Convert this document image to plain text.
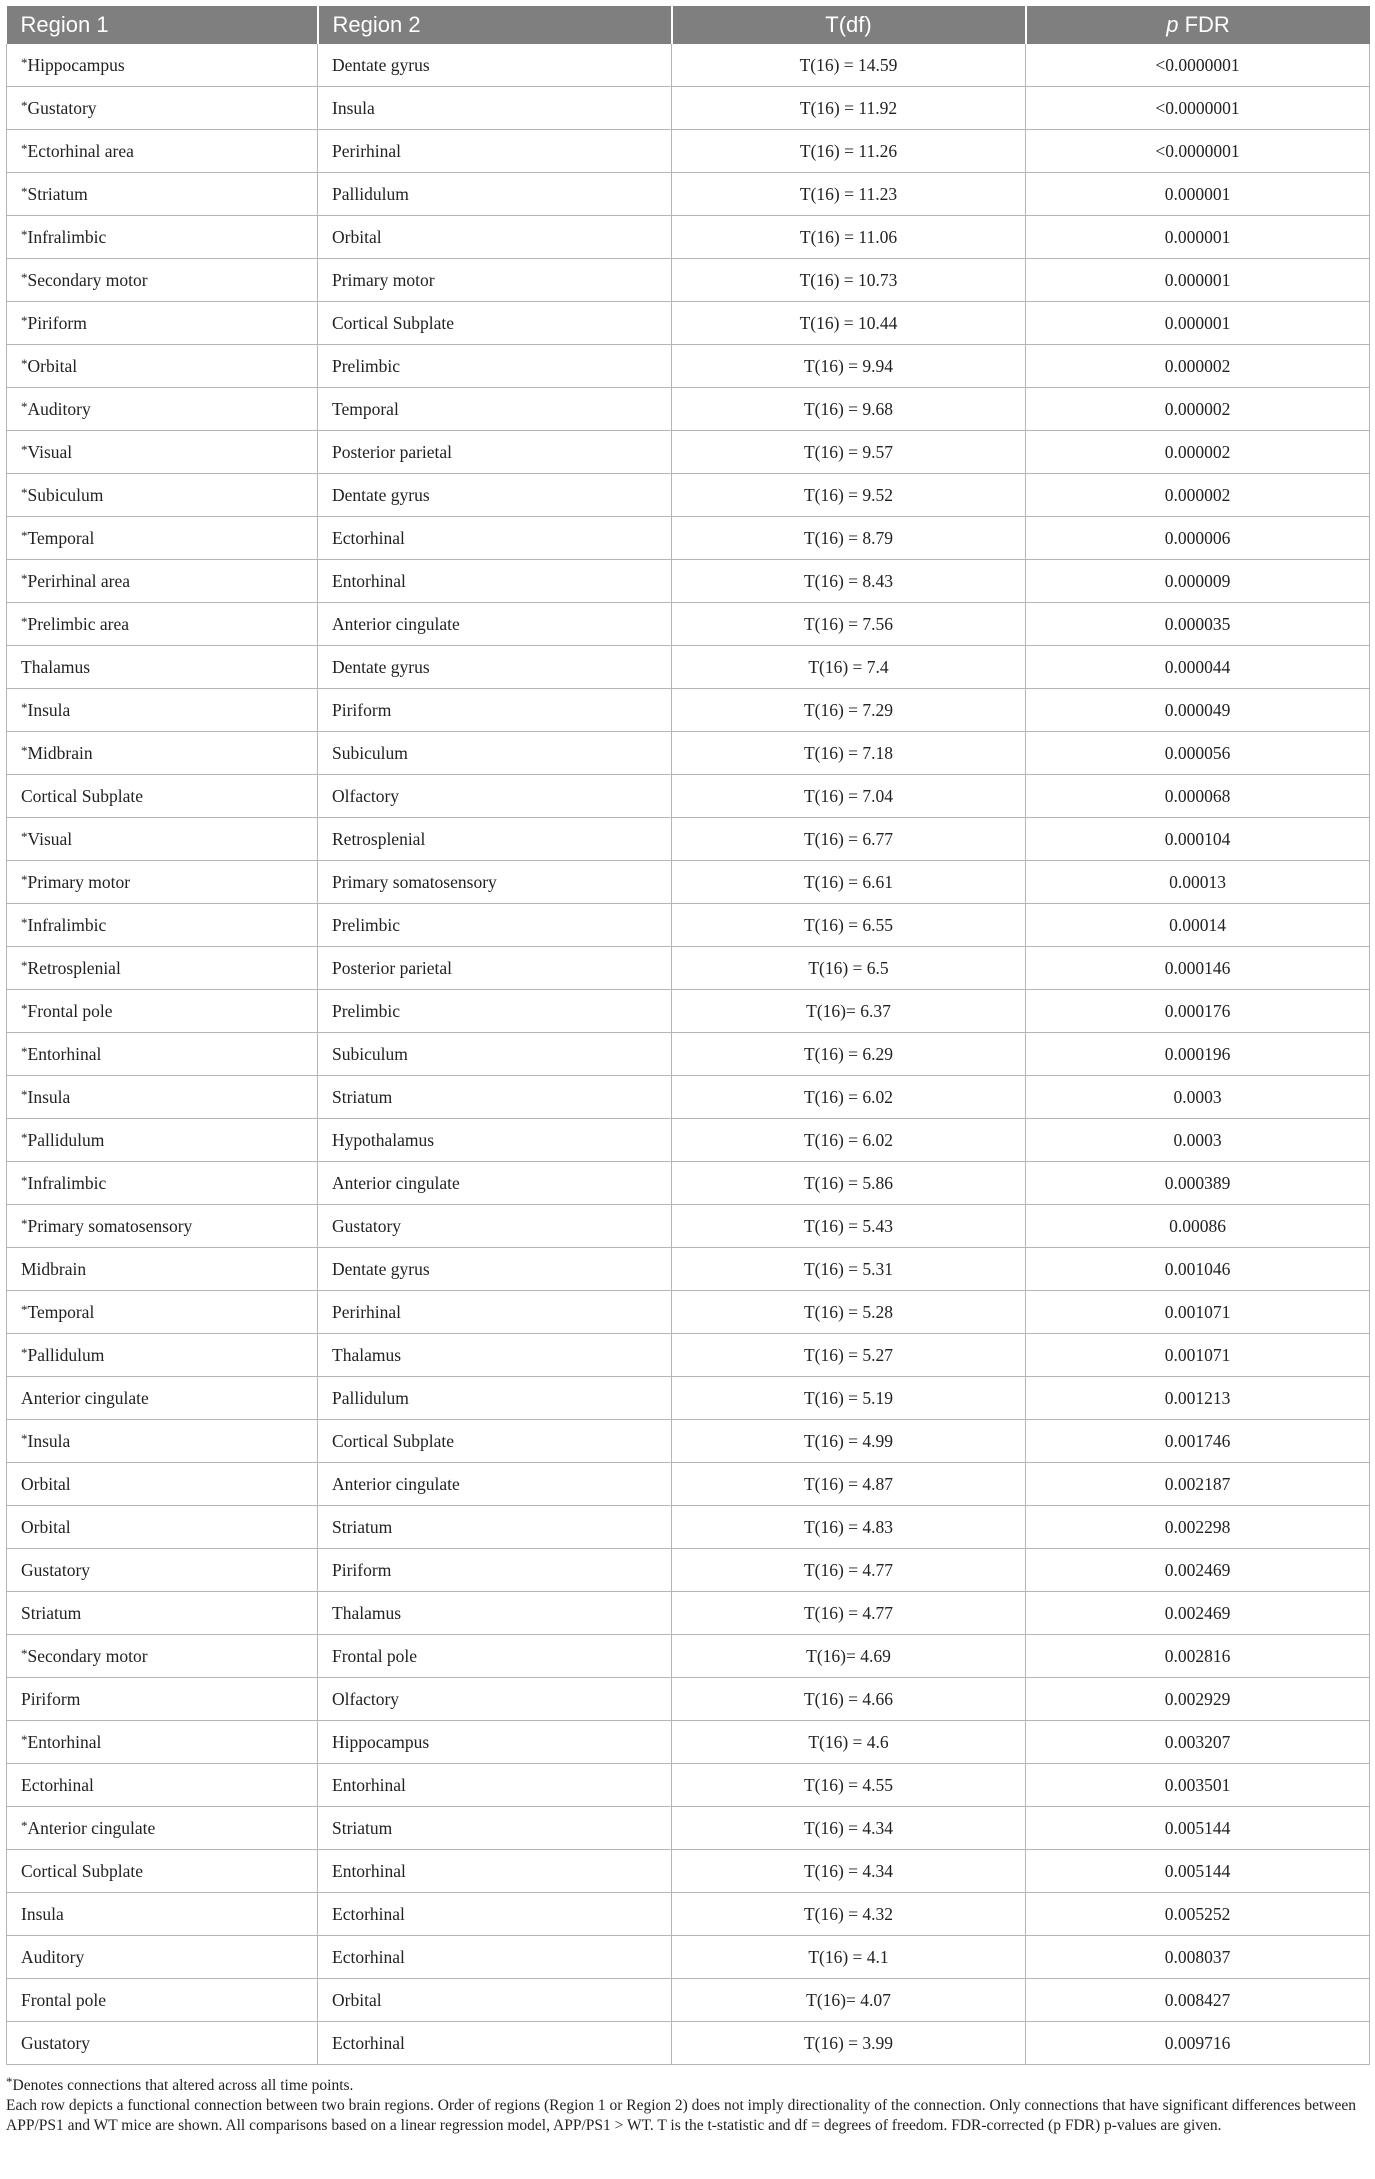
Region 1	Region 2	T(df)	p FDR
*Hippocampus	Dentate gyrus	T(16) = 14.59	<0.0000001
*Gustatory	Insula	T(16) = 11.92	<0.0000001
*Ectorhinal area	Perirhinal	T(16) = 11.26	<0.0000001
*Striatum	Pallidulum	T(16) = 11.23	0.000001
*Infralimbic	Orbital	T(16) = 11.06	0.000001
*Secondary motor	Primary motor	T(16) = 10.73	0.000001
*Piriform	Cortical Subplate	T(16) = 10.44	0.000001
*Orbital	Prelimbic	T(16) = 9.94	0.000002
*Auditory	Temporal	T(16) = 9.68	0.000002
*Visual	Posterior parietal	T(16) = 9.57	0.000002
*Subiculum	Dentate gyrus	T(16) = 9.52	0.000002
*Temporal	Ectorhinal	T(16) = 8.79	0.000006
*Perirhinal area	Entorhinal	T(16) = 8.43	0.000009
*Prelimbic area	Anterior cingulate	T(16) = 7.56	0.000035
Thalamus	Dentate gyrus	T(16) = 7.4	0.000044
*Insula	Piriform	T(16) = 7.29	0.000049
*Midbrain	Subiculum	T(16) = 7.18	0.000056
Cortical Subplate	Olfactory	T(16) = 7.04	0.000068
*Visual	Retrosplenial	T(16) = 6.77	0.000104
*Primary motor	Primary somatosensory	T(16) = 6.61	0.00013
*Infralimbic	Prelimbic	T(16) = 6.55	0.00014
*Retrosplenial	Posterior parietal	T(16) = 6.5	0.000146
*Frontal pole	Prelimbic	T(16)= 6.37	0.000176
*Entorhinal	Subiculum	T(16) = 6.29	0.000196
*Insula	Striatum	T(16) = 6.02	0.0003
*Pallidulum	Hypothalamus	T(16) = 6.02	0.0003
*Infralimbic	Anterior cingulate	T(16) = 5.86	0.000389
*Primary somatosensory	Gustatory	T(16) = 5.43	0.00086
Midbrain	Dentate gyrus	T(16) = 5.31	0.001046
*Temporal	Perirhinal	T(16) = 5.28	0.001071
*Pallidulum	Thalamus	T(16) = 5.27	0.001071
Anterior cingulate	Pallidulum	T(16) = 5.19	0.001213
*Insula	Cortical Subplate	T(16) = 4.99	0.001746
Orbital	Anterior cingulate	T(16) = 4.87	0.002187
Orbital	Striatum	T(16) = 4.83	0.002298
Gustatory	Piriform	T(16) = 4.77	0.002469
Striatum	Thalamus	T(16) = 4.77	0.002469
*Secondary motor	Frontal pole	T(16)= 4.69	0.002816
Piriform	Olfactory	T(16) = 4.66	0.002929
*Entorhinal	Hippocampus	T(16) = 4.6	0.003207
Ectorhinal	Entorhinal	T(16) = 4.55	0.003501
*Anterior cingulate	Striatum	T(16) = 4.34	0.005144
Cortical Subplate	Entorhinal	T(16) = 4.34	0.005144
Insula	Ectorhinal	T(16) = 4.32	0.005252
Auditory	Ectorhinal	T(16) = 4.1	0.008037
Frontal pole	Orbital	T(16)= 4.07	0.008427
Gustatory	Ectorhinal	T(16) = 3.99	0.009716

*Denotes connections that altered across all time points.

Each row depicts a functional connection between two brain regions. Order of regions (Region 1 or Region 2) does not imply directionality of the connection. Only connections that have significant differences between APP/PS1 and WT mice are shown. All comparisons based on a linear regression model, APP/PS1 > WT. T is the t-statistic and df = degrees of freedom. FDR-corrected (p FDR) p-values are given.
